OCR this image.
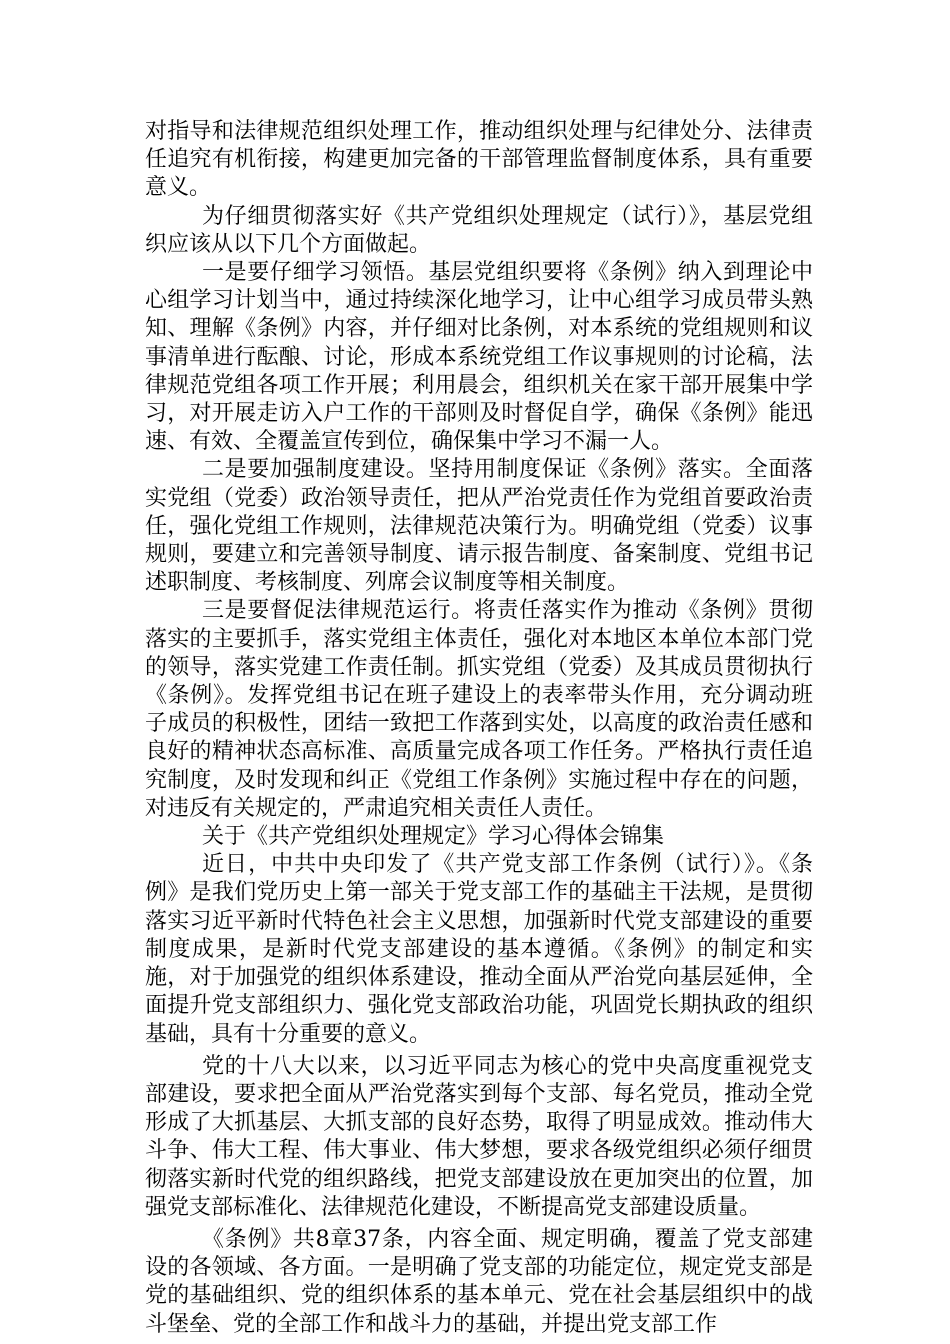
对指导和法律规范组织处理工作，推动组织处理与纪律处分、法律责任追究有机衔接，构建更加完备的干部管理监督制度体系，具有重要意义。

为仔细贯彻落实好《共产党组织处理规定（试行）》，基层党组织应该从以下几个方面做起。

一是要仔细学习领悟。基层党组织要将《条例》纳入到理论中心组学习计划当中，通过持续深化地学习，让中心组学习成员带头熟知、理解《条例》内容，并仔细对比条例，对本系统的党组规则和议事清单进行酝酿、讨论，形成本系统党组工作议事规则的讨论稿，法律规范党组各项工作开展；利用晨会，组织机关在家干部开展集中学习，对开展走访入户工作的干部则及时督促自学，确保《条例》能迅速、有效、全覆盖宣传到位，确保集中学习不漏一人。

二是要加强制度建设。坚持用制度保证《条例》落实。全面落实党组（党委）政治领导责任，把从严治党责任作为党组首要政治责任，强化党组工作规则，法律规范决策行为。明确党组（党委）议事规则，要建立和完善领导制度、请示报告制度、备案制度、党组书记述职制度、考核制度、列席会议制度等相关制度。

三是要督促法律规范运行。将责任落实作为推动《条例》贯彻落实的主要抓手，落实党组主体责任，强化对本地区本单位本部门党的领导，落实党建工作责任制。抓实党组（党委）及其成员贯彻执行《条例》。发挥党组书记在班子建设上的表率带头作用，充分调动班子成员的积极性，团结一致把工作落到实处，以高度的政治责任感和良好的精神状态高标准、高质量完成各项工作任务。严格执行责任追究制度，及时发现和纠正《党组工作条例》实施过程中存在的问题，对违反有关规定的，严肃追究相关责任人责任。

关于《共产党组织处理规定》学习心得体会锦集

近日，中共中央印发了《共产党支部工作条例（试行）》。《条例》是我们党历史上第一部关于党支部工作的基础主干法规，是贯彻落实习近平新时代特色社会主义思想，加强新时代党支部建设的重要制度成果，是新时代党支部建设的基本遵循。《条例》的制定和实施，对于加强党的组织体系建设，推动全面从严治党向基层延伸，全面提升党支部组织力、强化党支部政治功能，巩固党长期执政的组织基础，具有十分重要的意义。

党的十八大以来，以习近平同志为核心的党中央高度重视党支部建设，要求把全面从严治党落实到每个支部、每名党员，推动全党形成了大抓基层、大抓支部的良好态势，取得了明显成效。推动伟大斗争、伟大工程、伟大事业、伟大梦想，要求各级党组织必须仔细贯彻落实新时代党的组织路线，把党支部建设放在更加突出的位置，加强党支部标准化、法律规范化建设，不断提高党支部建设质量。

《条例》共8章37条，内容全面、规定明确，覆盖了党支部建设的各领域、各方面。一是明确了党支部的功能定位，规定党支部是党的基础组织、党的组织体系的基本单元、党在社会基层组织中的战斗堡垒、党的全部工作和战斗力的基础，并提出党支部工作
